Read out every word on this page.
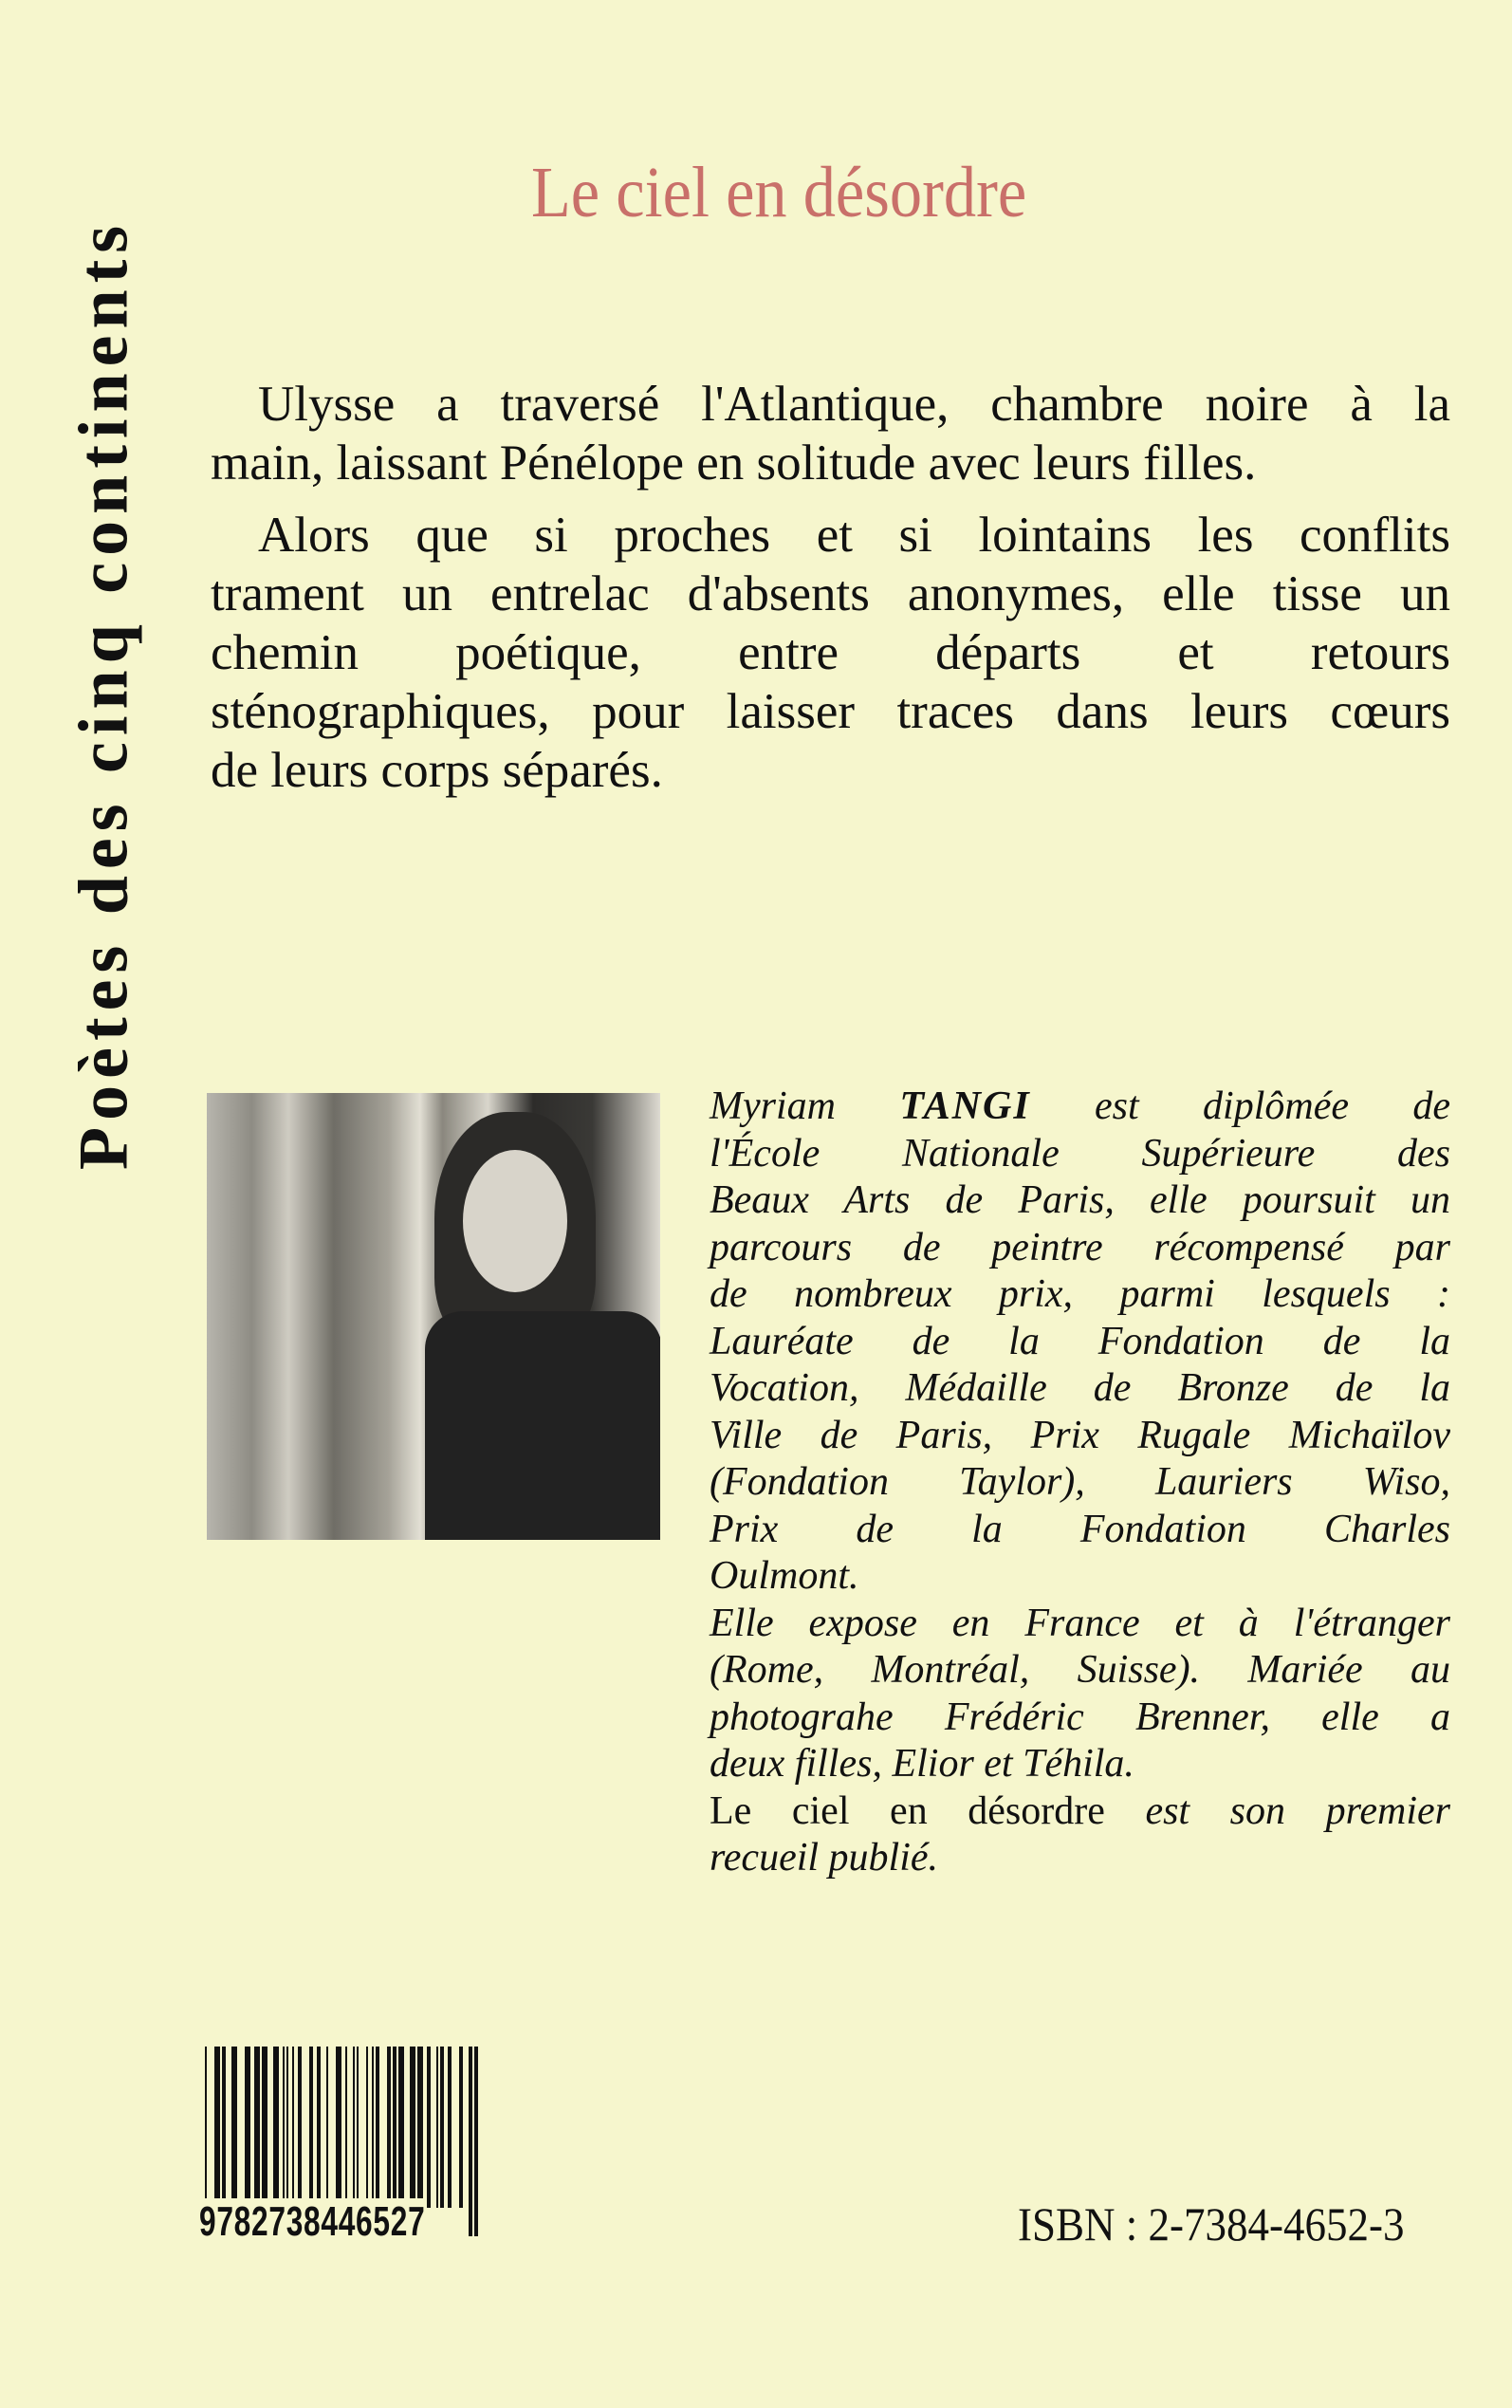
Poètes des cinq continents
Le ciel en désordre
Ulysse a traversé l'Atlantique, chambre noire à la
main, laissant Pénélope en solitude avec leurs filles.
Alors que si proches et si lointains les conflits
trament un entrelac d'absents anonymes, elle tisse un
chemin poétique, entre départs et retours
sténographiques, pour laisser traces dans leurs cœurs
de leurs corps séparés.
Myriam TANGI est diplômée de
l'École Nationale Supérieure des
Beaux Arts de Paris, elle poursuit un
parcours de peintre récompensé par
de nombreux prix, parmi lesquels :
Lauréate de la Fondation de la
Vocation, Médaille de Bronze de la
Ville de Paris, Prix Rugale Michaïlov
(Fondation Taylor), Lauriers Wiso,
Prix de la Fondation Charles
Oulmont.
Elle expose en France et à l'étranger
(Rome, Montréal, Suisse). Mariée au
photograhe Frédéric Brenner, elle a
deux filles, Elior et Téhila.
Le ciel en désordre est son premier
recueil publié.
9782738446527	ISBN : 2-7384-4652-3
